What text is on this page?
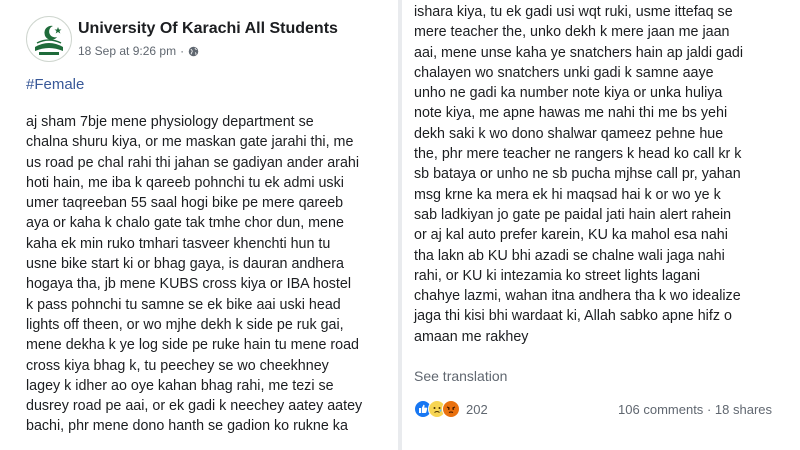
University Of Karachi All Students
18 Sep at 9:26 pm ·
#Female
aj sham 7bje mene physiology department se
chalna shuru kiya, or me maskan gate jarahi thi, me
us road pe chal rahi thi jahan se gadiyan ander arahi
hoti hain, me iba k qareeb pohnchi tu ek admi uski
umer taqreeban 55 saal hogi bike pe mere qareeb
aya or kaha k chalo gate tak tmhe chor dun, mene
kaha ek min ruko tmhari tasveer khenchti hun tu
usne bike start ki or bhag gaya, is dauran andhera
hogaya tha, jb mene KUBS cross kiya or IBA hostel
k pass pohnchi tu samne se ek bike aai uski head
lights off theen, or wo mjhe dekh k side pe ruk gai,
mene dekha k ye log side pe ruke hain tu mene road
cross kiya bhag k, tu peechey se wo cheekhney
lagey k idher ao oye kahan bhag rahi, me tezi se
dusrey road pe aai, or ek gadi k neechey aatey aatey
bachi, phr mene dono hanth se gadion ko rukne ka
ishara kiya, tu ek gadi usi wqt ruki, usme ittefaq se
mere teacher the, unko dekh k mere jaan me jaan
aai, mene unse kaha ye snatchers hain ap jaldi gadi
chalayen wo snatchers unki gadi k samne aaye
unho ne gadi ka number note kiya or unka huliya
note kiya, me apne hawas me nahi thi me bs yehi
dekh saki k wo dono shalwar qameez pehne hue
the, phr mere teacher ne rangers k head ko call kr k
sb bataya or unho ne sb pucha mjhse call pr, yahan
msg krne ka mera ek hi maqsad hai k or wo ye k
sab ladkiyan jo gate pe paidal jati hain alert rahein
or aj kal auto prefer karein, KU ka mahol esa nahi
tha lakn ab KU bhi azadi se chalne wali jaga nahi
rahi, or KU ki intezamia ko street lights lagani
chahye lazmi, wahan itna andhera tha k wo idealize
jaga thi kisi bhi wardaat ki, Allah sabko apne hifz o
amaan me rakhey
See translation
202	106 comments · 18 shares
